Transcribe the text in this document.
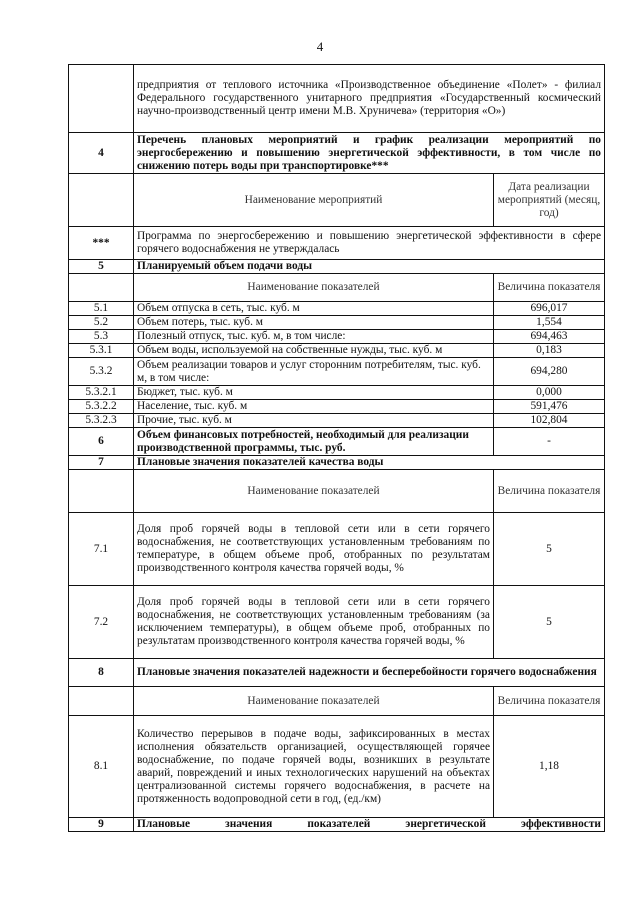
4
	предприятия от теплового источника «Производственное объединение «Полет» - филиал Федерального государственного унитарного предприятия «Государственный космический научно-производственный центр имени М.В. Хруничева» (территория «О»)	
4	Перечень плановых мероприятий и график реализации мероприятий по энергосбережению и повышению энергетической эффективности, в том числе по снижению потерь воды при транспортировке***	
	Наименование мероприятий	Дата реализации мероприятий (месяц, год)
***	Программа по энергосбережению и повышению энергетической эффективности в сфере горячего водоснабжения не утверждалась	
5	Планируемый объем подачи воды	
	Наименование показателей	Величина показателя
5.1	Объем отпуска в сеть, тыс. куб. м	696,017
5.2	Объем потерь, тыс. куб. м	1,554
5.3	Полезный отпуск, тыс. куб. м, в том числе:	694,463
5.3.1	Объем воды, используемой на собственные нужды, тыс. куб. м	0,183
5.3.2	Объем реализации товаров и услуг сторонним потребителям, тыс. куб. м, в том числе:	694,280
5.3.2.1	Бюджет, тыс. куб. м	0,000
5.3.2.2	Население, тыс. куб. м	591,476
5.3.2.3	Прочие, тыс. куб. м	102,804
6	Объем финансовых потребностей, необходимый для реализации производственной программы, тыс. руб.	-
7	Плановые значения показателей качества воды	
	Наименование показателей	Величина показателя
7.1	Доля проб горячей воды в тепловой сети или в сети горячего водоснабжения, не соответствующих установленным требованиям по температуре, в общем объеме проб, отобранных по результатам производственного контроля качества горячей воды, %	5
7.2	Доля проб горячей воды в тепловой сети или в сети горячего водоснабжения, не соответствующих установленным требованиям (за исключением температуры), в общем объеме проб, отобранных по результатам производственного контроля качества горячей воды, %	5
8	Плановые значения показателей надежности и бесперебойности горячего водоснабжения	
	Наименование показателей	Величина показателя
8.1	Количество перерывов в подаче воды, зафиксированных в местах исполнения обязательств организацией, осуществляющей горячее водоснабжение, по подаче горячей воды, возникших в результате аварий, повреждений и иных технологических нарушений на объектах централизованной системы горячего водоснабжения, в расчете на протяженность водопроводной сети в год, (ед./км)	1,18
9	Плановые значения показателей энергетической эффективности	
